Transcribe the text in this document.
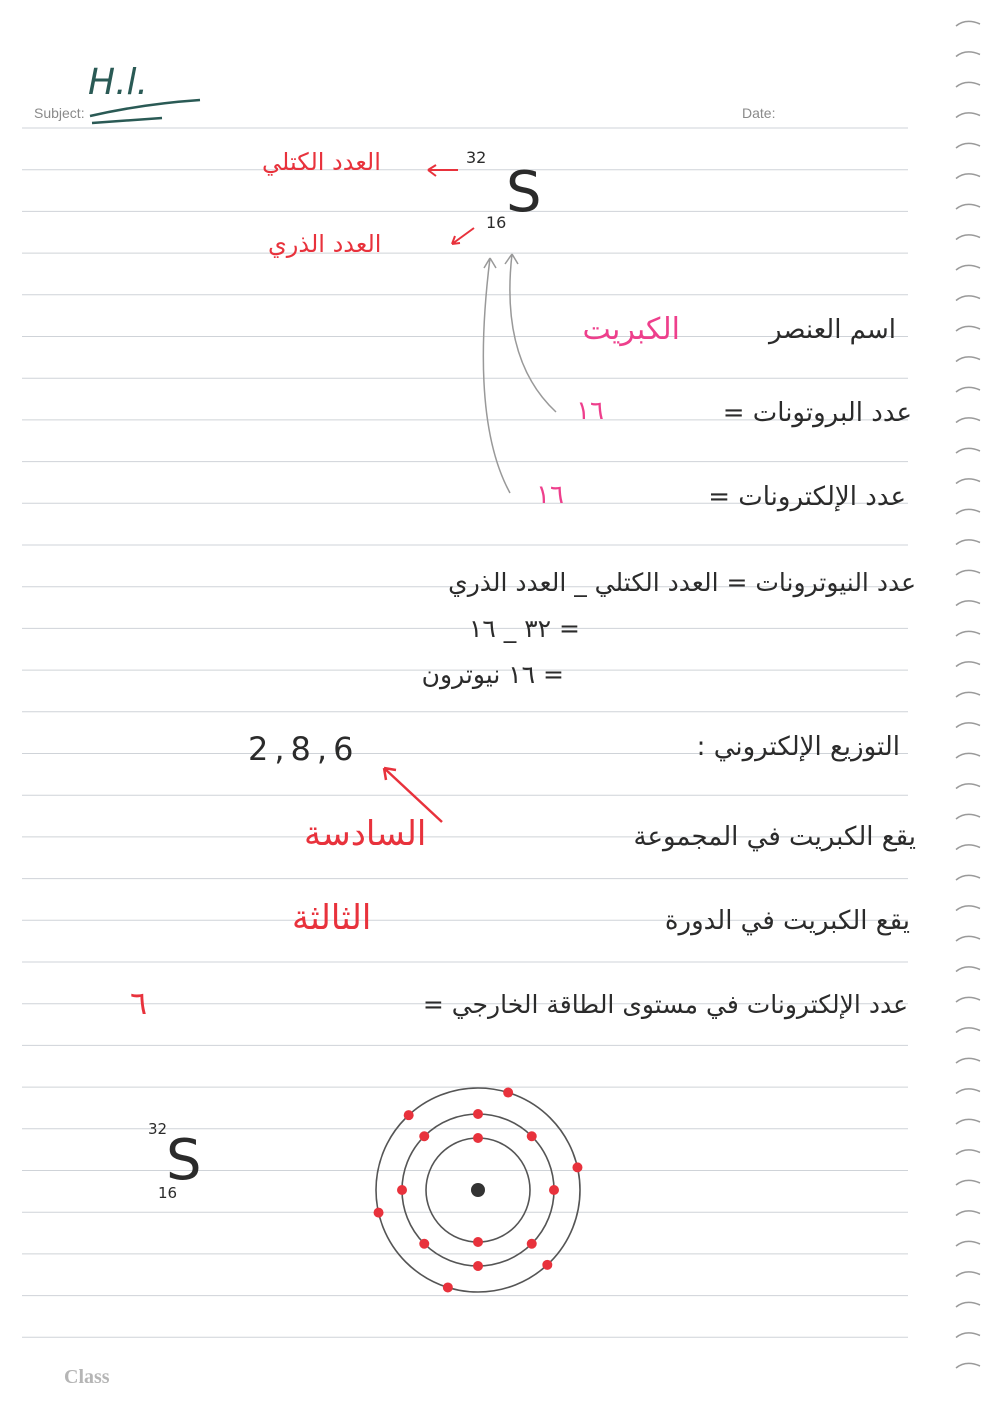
Subject:	Date:
H.l.
S
32
16
العدد الكتلي
العدد الذري
اسم العنصر
الكبريت
عدد البروتونات =
١٦
عدد الإلكترونات =
١٦
عدد النيوترونات = العدد الكتلي _ العدد الذري
= ٣٢ _ ١٦
= ١٦ نيوترون
التوزيع الإلكتروني :
2,8,6
يقع الكبريت في المجموعة
السادسة
يقع الكبريت في الدورة
الثالثة
عدد الإلكترونات في مستوى الطاقة الخارجي =
٦
S
32
16
Class
